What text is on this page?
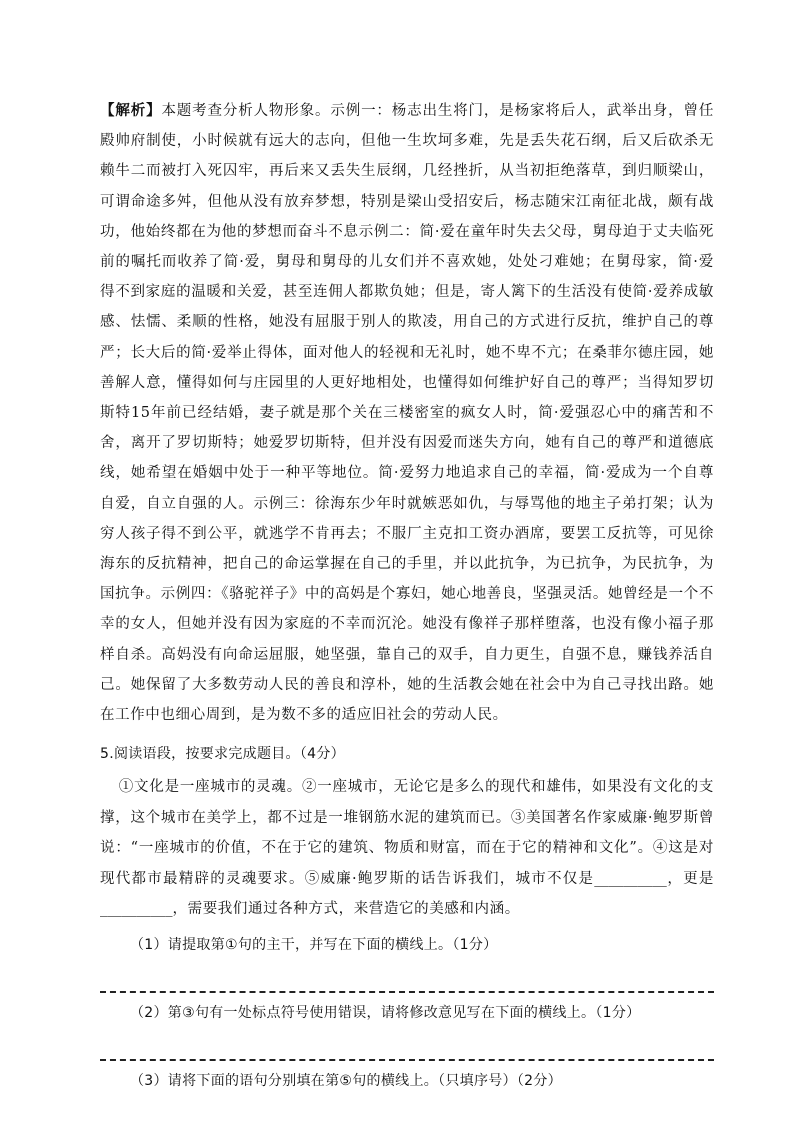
【解析】本题考查分析人物形象。示例一：杨志出生将门，是杨家将后人，武举出身，曾任殿帅府制使，小时候就有远大的志向，但他一生坎坷多难，先是丢失花石纲，后又后砍杀无赖牛二而被打入死囚牢，再后来又丢失生辰纲，几经挫折，从当初拒绝落草，到归顺梁山，可谓命途多舛，但他从没有放弃梦想，特别是梁山受招安后，杨志随宋江南征北战，颇有战功，他始终都在为他的梦想而奋斗不息示例二：简·爱在童年时失去父母，舅母迫于丈夫临死前的嘱托而收养了简·爱，舅母和舅母的儿女们并不喜欢她，处处刁难她；在舅母家，简·爱得不到家庭的温暖和关爱，甚至连佣人都欺负她；但是，寄人篱下的生活没有使简·爱养成敏感、怯懦、柔顺的性格，她没有屈服于别人的欺凌，用自己的方式进行反抗，维护自己的尊严；长大后的简·爱举止得体，面对他人的轻视和无礼时，她不卑不亢；在桑菲尔德庄园，她善解人意，懂得如何与庄园里的人更好地相处，也懂得如何维护好自己的尊严；当得知罗切斯特15年前已经结婚，妻子就是那个关在三楼密室的疯女人时，简·爱强忍心中的痛苦和不舍，离开了罗切斯特；她爱罗切斯特，但并没有因爱而迷失方向，她有自己的尊严和道德底线，她希望在婚姻中处于一种平等地位。简·爱努力地追求自己的幸福，简·爱成为一个自尊自爱，自立自强的人。示例三：徐海东少年时就嫉恶如仇，与辱骂他的地主子弟打架；认为穷人孩子得不到公平，就逃学不肯再去；不服厂主克扣工资办酒席，要罢工反抗等，可见徐海东的反抗精神，把自己的命运掌握在自己的手里，并以此抗争，为已抗争，为民抗争，为国抗争。示例四：《骆驼祥子》中的高妈是个寡妇，她心地善良，坚强灵活。她曾经是一个不幸的女人，但她并没有因为家庭的不幸而沉沦。她没有像祥子那样堕落，也没有像小福子那样自杀。高妈没有向命运屈服，她坚强，靠自己的双手，自力更生，自强不息，赚钱养活自己。她保留了大多数劳动人民的善良和淳朴，她的生活教会她在社会中为自己寻找出路。她在工作中也细心周到，是为数不多的适应旧社会的劳动人民。

5.阅读语段，按要求完成题目。（4分）

  ①文化是一座城市的灵魂。②一座城市，无论它是多么的现代和雄伟，如果没有文化的支撑，这个城市在美学上，都不过是一堆钢筋水泥的建筑而已。③美国著名作家威廉·鲍罗斯曾说：“一座城市的价值，不在于它的建筑、物质和财富，而在于它的精神和文化”。④这是对现代都市最精辟的灵魂要求。⑤威廉·鲍罗斯的话告诉我们，城市不仅是__________，更是__________，需要我们通过各种方式，来营造它的美感和内涵。

（1）请提取第①句的主干，并写在下面的横线上。（1分）

（2）第③句有一处标点符号使用错误，请将修改意见写在下面的横线上。（1分）

（3）请将下面的语句分别填在第⑤句的横线上。（只填序号）（2分）
